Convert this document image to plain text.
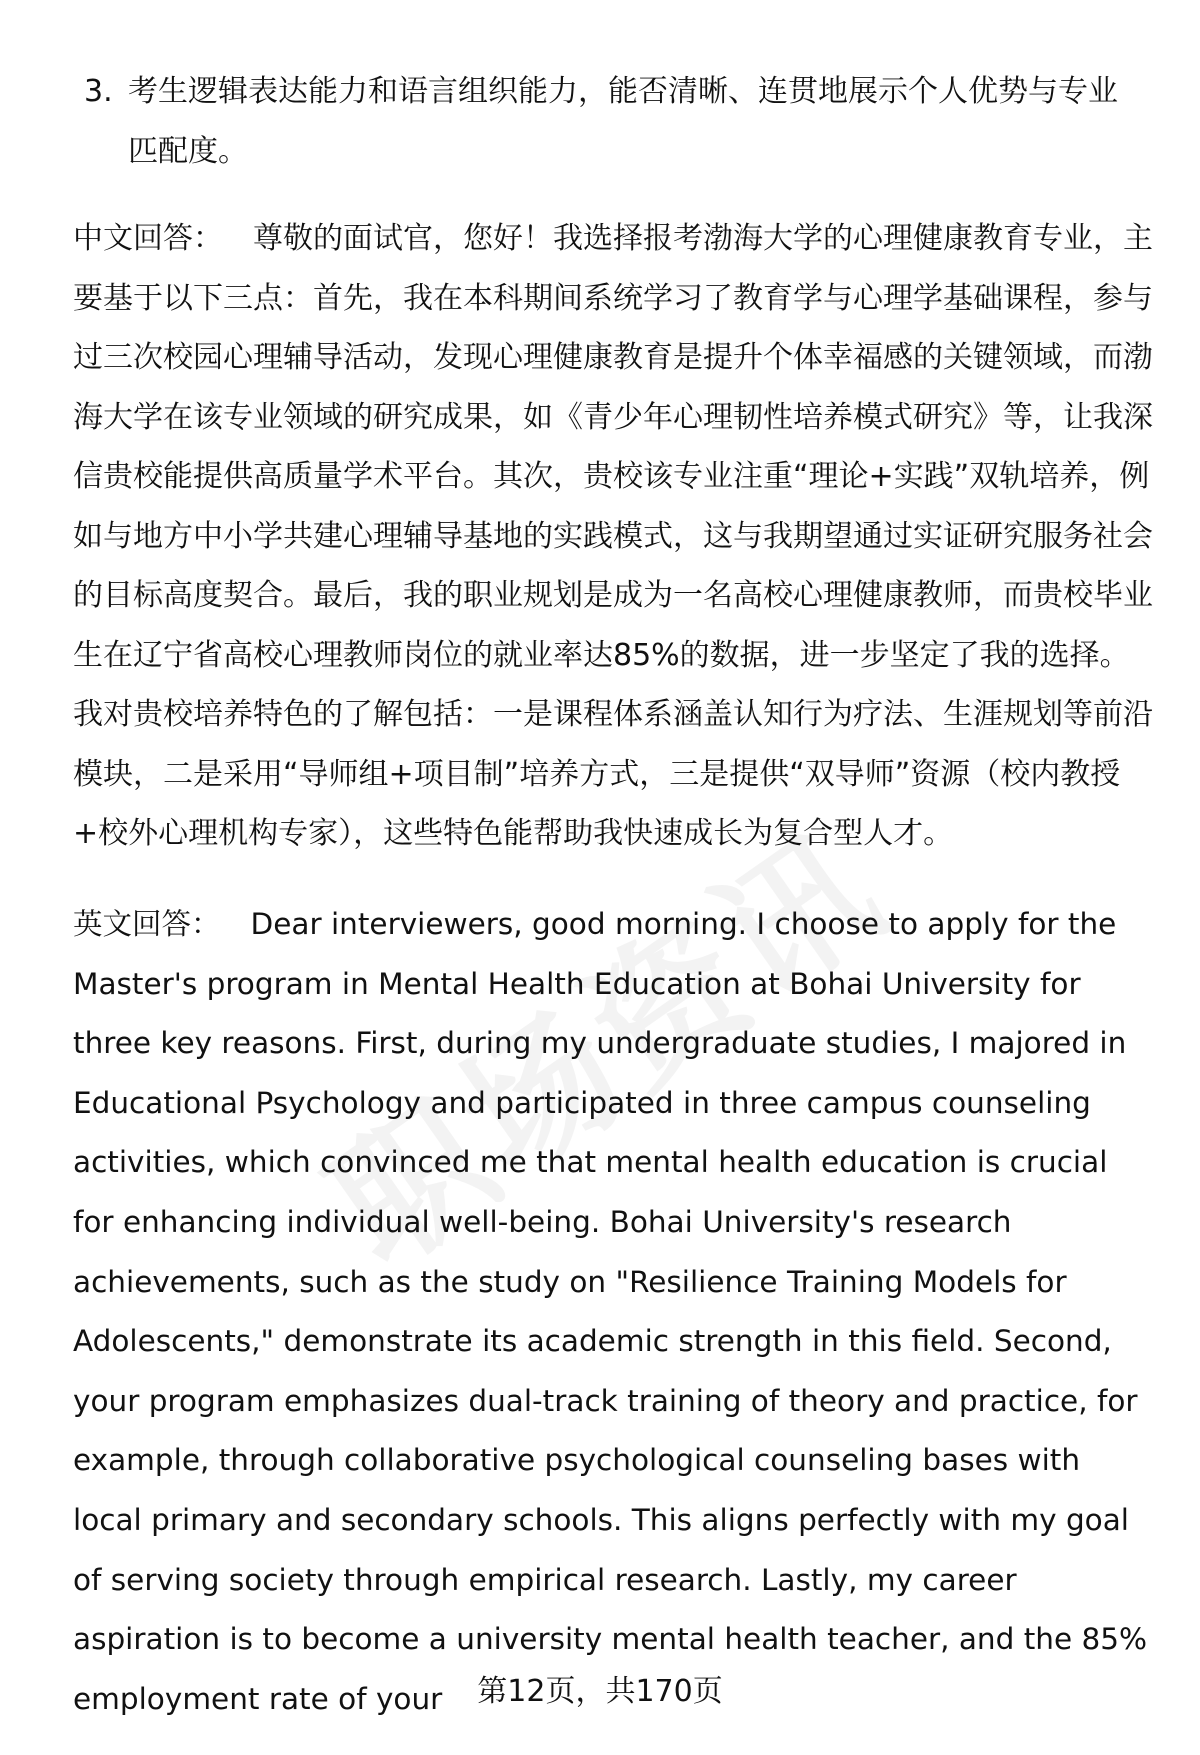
3. 考生逻辑表达能力和语言组织能力，能否清晰、连贯地展示个人优势与专业匹配度。
中文回答： 尊敬的面试官，您好！我选择报考渤海大学的心理健康教育专业，主要基于以下三点：首先，我在本科期间系统学习了教育学与心理学基础课程，参与过三次校园心理辅导活动，发现心理健康教育是提升个体幸福感的关键领域，而渤海大学在该专业领域的研究成果，如《青少年心理韧性培养模式研究》等，让我深信贵校能提供高质量学术平台。其次，贵校该专业注重“理论+实践”双轨培养，例如与地方中小学共建心理辅导基地的实践模式，这与我期望通过实证研究服务社会的目标高度契合。最后，我的职业规划是成为一名高校心理健康教师，而贵校毕业生在辽宁省高校心理教师岗位的就业率达85%的数据，进一步坚定了我的选择。我对贵校培养特色的了解包括：一是课程体系涵盖认知行为疗法、生涯规划等前沿模块，二是采用“导师组+项目制”培养方式，三是提供“双导师”资源（校内教授+校外心理机构专家），这些特色能帮助我快速成长为复合型人才。
英文回答： Dear interviewers, good morning. I choose to apply for the Master's program in Mental Health Education at Bohai University for three key reasons. First, during my undergraduate studies, I majored in Educational Psychology and participated in three campus counseling activities, which convinced me that mental health education is crucial for enhancing individual well-being. Bohai University's research achievements, such as the study on "Resilience Training Models for Adolescents," demonstrate its academic strength in this field. Second, your program emphasizes dual-track training of theory and practice, for example, through collaborative psychological counseling bases with local primary and secondary schools. This aligns perfectly with my goal of serving society through empirical research. Lastly, my career aspiration is to become a university mental health teacher, and the 85% employment rate of your	第12页，共170页
